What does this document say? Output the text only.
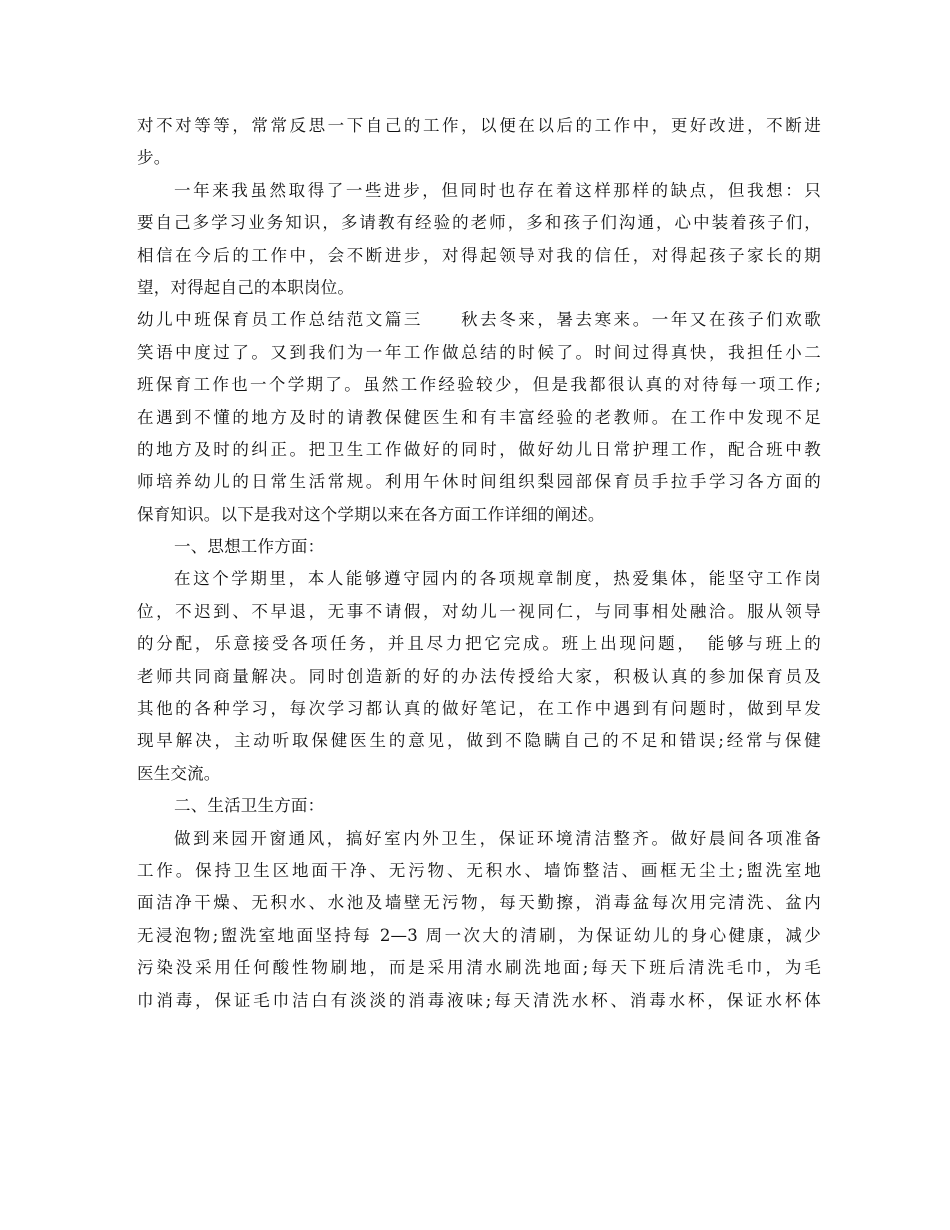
对不对等等，常常反思一下自己的工作，以便在以后的工作中，更好改进，不断进
步。
一年来我虽然取得了一些进步，但同时也存在着这样那样的缺点，但我想：只
要自己多学习业务知识，多请教有经验的老师，多和孩子们沟通，心中装着孩子们，
相信在今后的工作中，会不断进步，对得起领导对我的信任，对得起孩子家长的期
望，对得起自己的本职岗位。
幼儿中班保育员工作总结范文篇三　　秋去冬来，暑去寒来。一年又在孩子们欢歌
笑语中度过了。又到我们为一年工作做总结的时候了。时间过得真快，我担任小二
班保育工作也一个学期了。虽然工作经验较少，但是我都很认真的对待每一项工作;
在遇到不懂的地方及时的请教保健医生和有丰富经验的老教师。在工作中发现不足
的地方及时的纠正。把卫生工作做好的同时，做好幼儿日常护理工作，配合班中教
师培养幼儿的日常生活常规。利用午休时间组织梨园部保育员手拉手学习各方面的
保育知识。以下是我对这个学期以来在各方面工作详细的阐述。
一、思想工作方面：
在这个学期里，本人能够遵守园内的各项规章制度，热爱集体，能坚守工作岗
位，不迟到、不早退，无事不请假，对幼儿一视同仁，与同事相处融洽。服从领导
的分配，乐意接受各项任务，并且尽力把它完成。班上出现问题，　能够与班上的
老师共同商量解决。同时创造新的好的办法传授给大家，积极认真的参加保育员及
其他的各种学习，每次学习都认真的做好笔记，在工作中遇到有问题时，做到早发
现早解决，主动听取保健医生的意见，做到不隐瞒自己的不足和错误;经常与保健
医生交流。
二、生活卫生方面：
做到来园开窗通风，搞好室内外卫生，保证环境清洁整齐。做好晨间各项准备
工作。保持卫生区地面干净、无污物、无积水、墙饰整洁、画框无尘土;盥洗室地
面洁净干燥、无积水、水池及墙壁无污物，每天勤擦，消毒盆每次用完清洗、盆内
无浸泡物;盥洗室地面坚持每 2—3 周一次大的清刷，为保证幼儿的身心健康，减少
污染没采用任何酸性物刷地，而是采用清水刷洗地面;每天下班后清洗毛巾，为毛
巾消毒，保证毛巾洁白有淡淡的消毒液味;每天清洗水杯、消毒水杯，保证水杯体
